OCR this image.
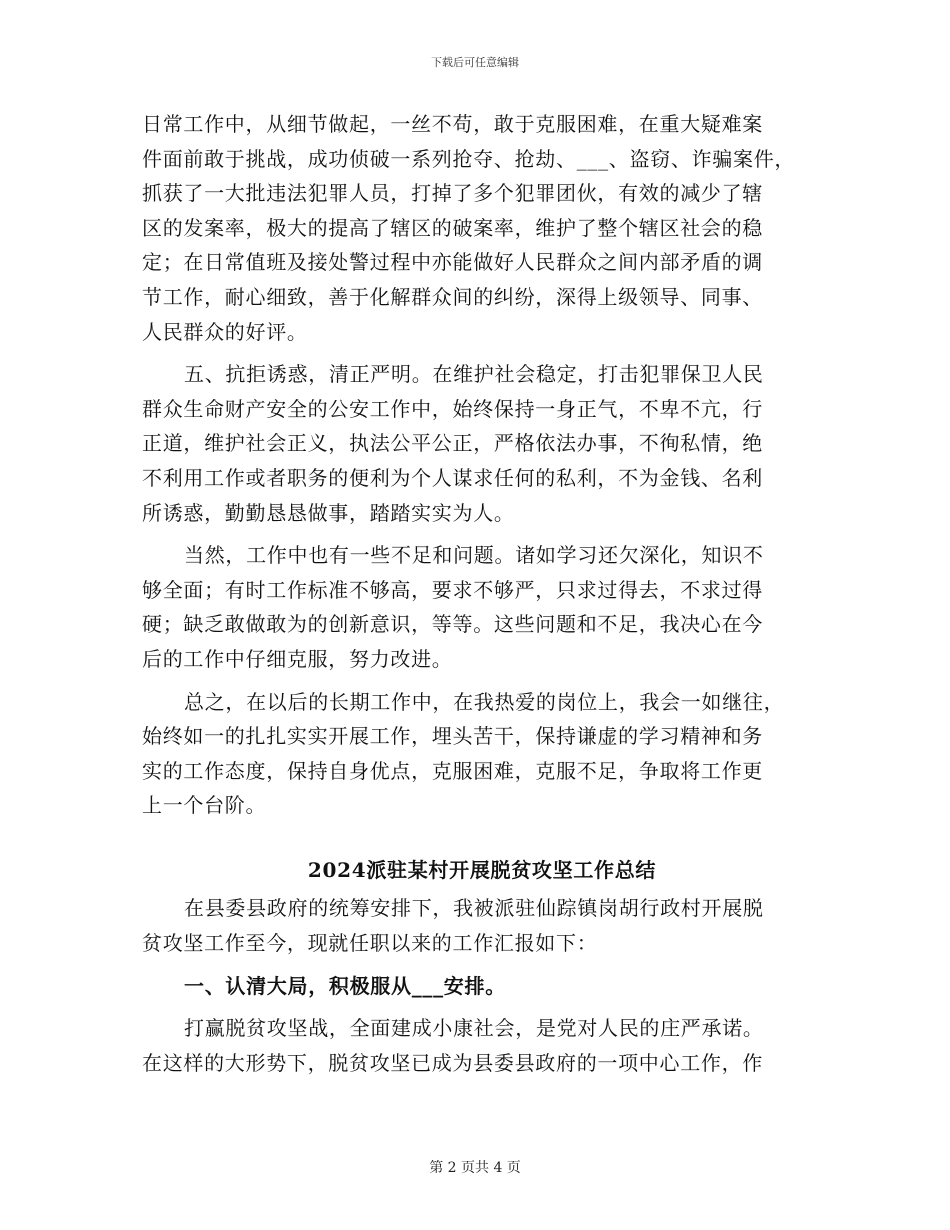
下载后可任意编辑
日常工作中，从细节做起，一丝不苟，敢于克服困难，在重大疑难案
件面前敢于挑战，成功侦破一系列抢夺、抢劫、___、盗窃、诈骗案件，
抓获了一大批违法犯罪人员，打掉了多个犯罪团伙，有效的减少了辖
区的发案率，极大的提高了辖区的破案率，维护了整个辖区社会的稳
定；在日常值班及接处警过程中亦能做好人民群众之间内部矛盾的调
节工作，耐心细致，善于化解群众间的纠纷，深得上级领导、同事、
人民群众的好评。
五、抗拒诱惑，清正严明。在维护社会稳定，打击犯罪保卫人民
群众生命财产安全的公安工作中，始终保持一身正气，不卑不亢，行
正道，维护社会正义，执法公平公正，严格依法办事，不徇私情，绝
不利用工作或者职务的便利为个人谋求任何的私利，不为金钱、名利
所诱惑，勤勤恳恳做事，踏踏实实为人。
当然，工作中也有一些不足和问题。诸如学习还欠深化，知识不
够全面；有时工作标准不够高，要求不够严，只求过得去，不求过得
硬；缺乏敢做敢为的创新意识，等等。这些问题和不足，我决心在今
后的工作中仔细克服，努力改进。
总之，在以后的长期工作中，在我热爱的岗位上，我会一如继往，
始终如一的扎扎实实开展工作，埋头苦干，保持谦虚的学习精神和务
实的工作态度，保持自身优点，克服困难，克服不足，争取将工作更
上一个台阶。
2024派驻某村开展脱贫攻坚工作总结
在县委县政府的统筹安排下，我被派驻仙踪镇岗胡行政村开展脱
贫攻坚工作至今，现就任职以来的工作汇报如下：
一、认清大局，积极服从___安排。
打赢脱贫攻坚战，全面建成小康社会，是党对人民的庄严承诺。
在这样的大形势下，脱贫攻坚已成为县委县政府的一项中心工作，作
第 2 页共 4 页
